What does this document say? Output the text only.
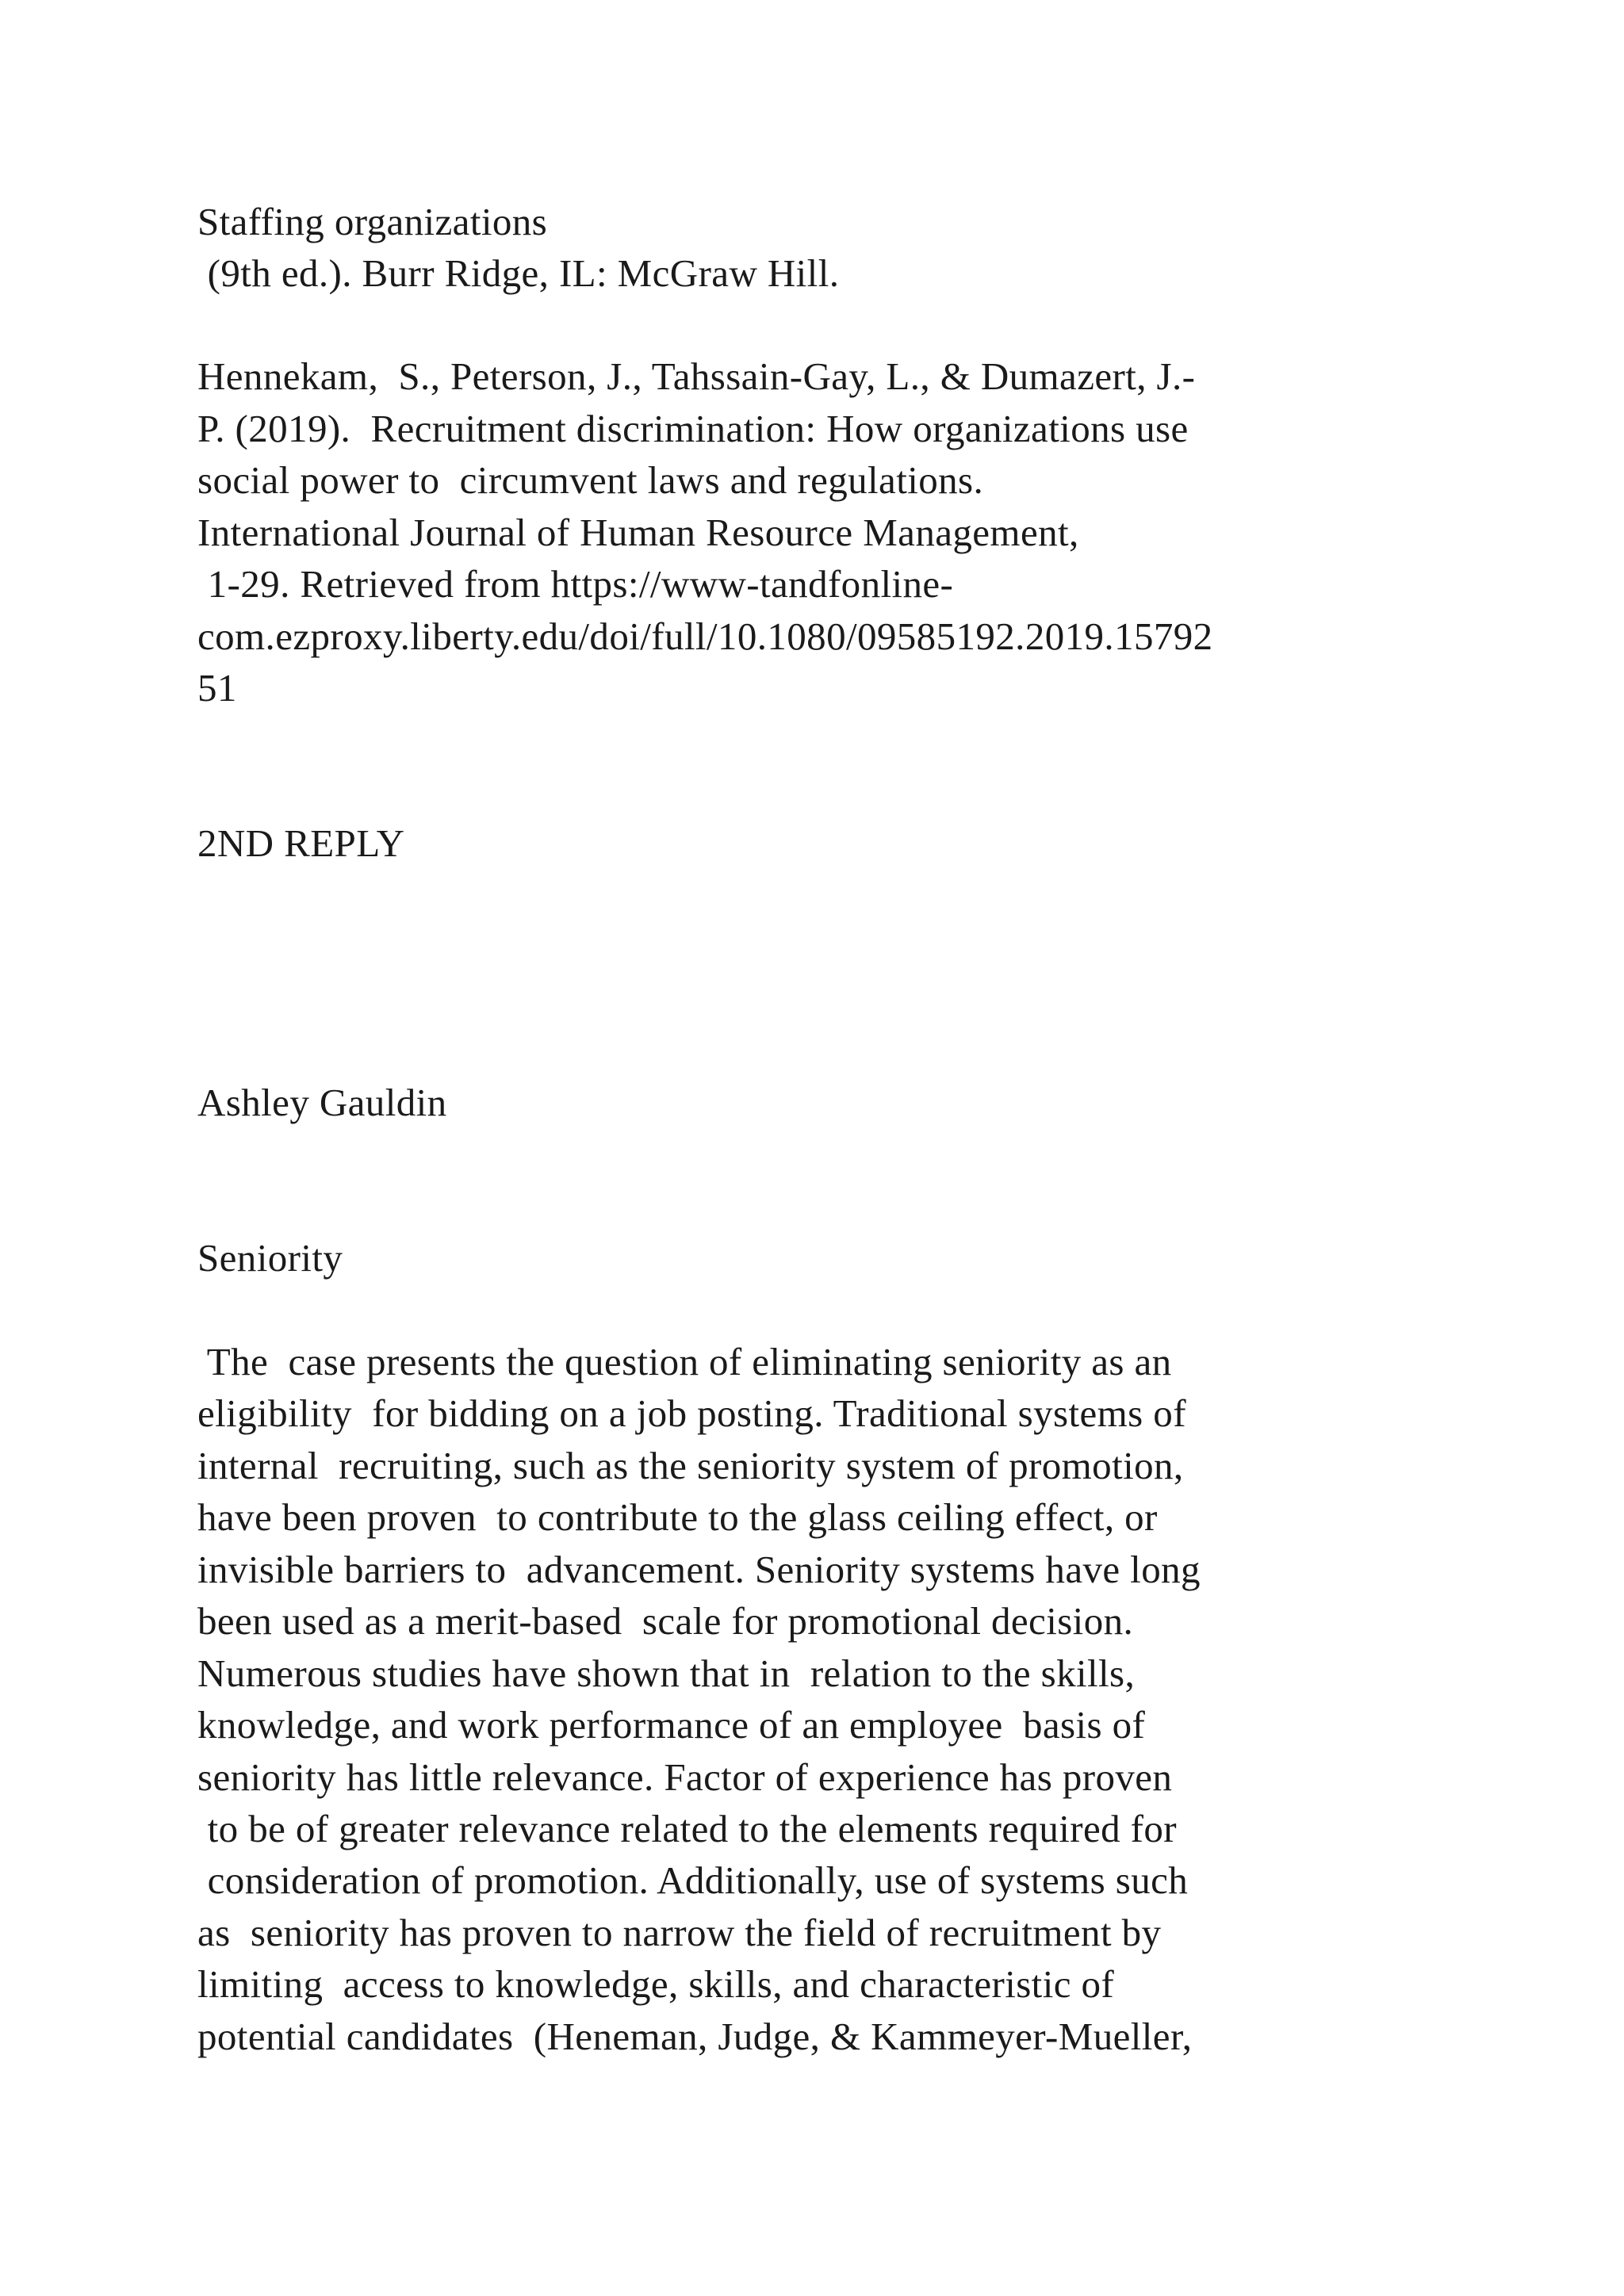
Staffing organizations
(9th ed.). Burr Ridge, IL: McGraw Hill.
Hennekam,  S., Peterson, J., Tahssain-Gay, L., & Dumazert, J.-
P. (2019).  Recruitment discrimination: How organizations use
social power to  circumvent laws and regulations.
International Journal of Human Resource Management,
1-29. Retrieved from https://www-tandfonline-
com.ezproxy.liberty.edu/doi/full/10.1080/09585192.2019.15792
51
2ND REPLY
Ashley Gauldin
Seniority
The  case presents the question of eliminating seniority as an
eligibility  for bidding on a job posting. Traditional systems of
internal  recruiting, such as the seniority system of promotion,
have been proven  to contribute to the glass ceiling effect, or
invisible barriers to  advancement. Seniority systems have long
been used as a merit-based  scale for promotional decision.
Numerous studies have shown that in  relation to the skills,
knowledge, and work performance of an employee  basis of
seniority has little relevance. Factor of experience has proven
to be of greater relevance related to the elements required for
consideration of promotion. Additionally, use of systems such
as  seniority has proven to narrow the field of recruitment by
limiting  access to knowledge, skills, and characteristic of
potential candidates  (Heneman, Judge, & Kammeyer-Mueller,
